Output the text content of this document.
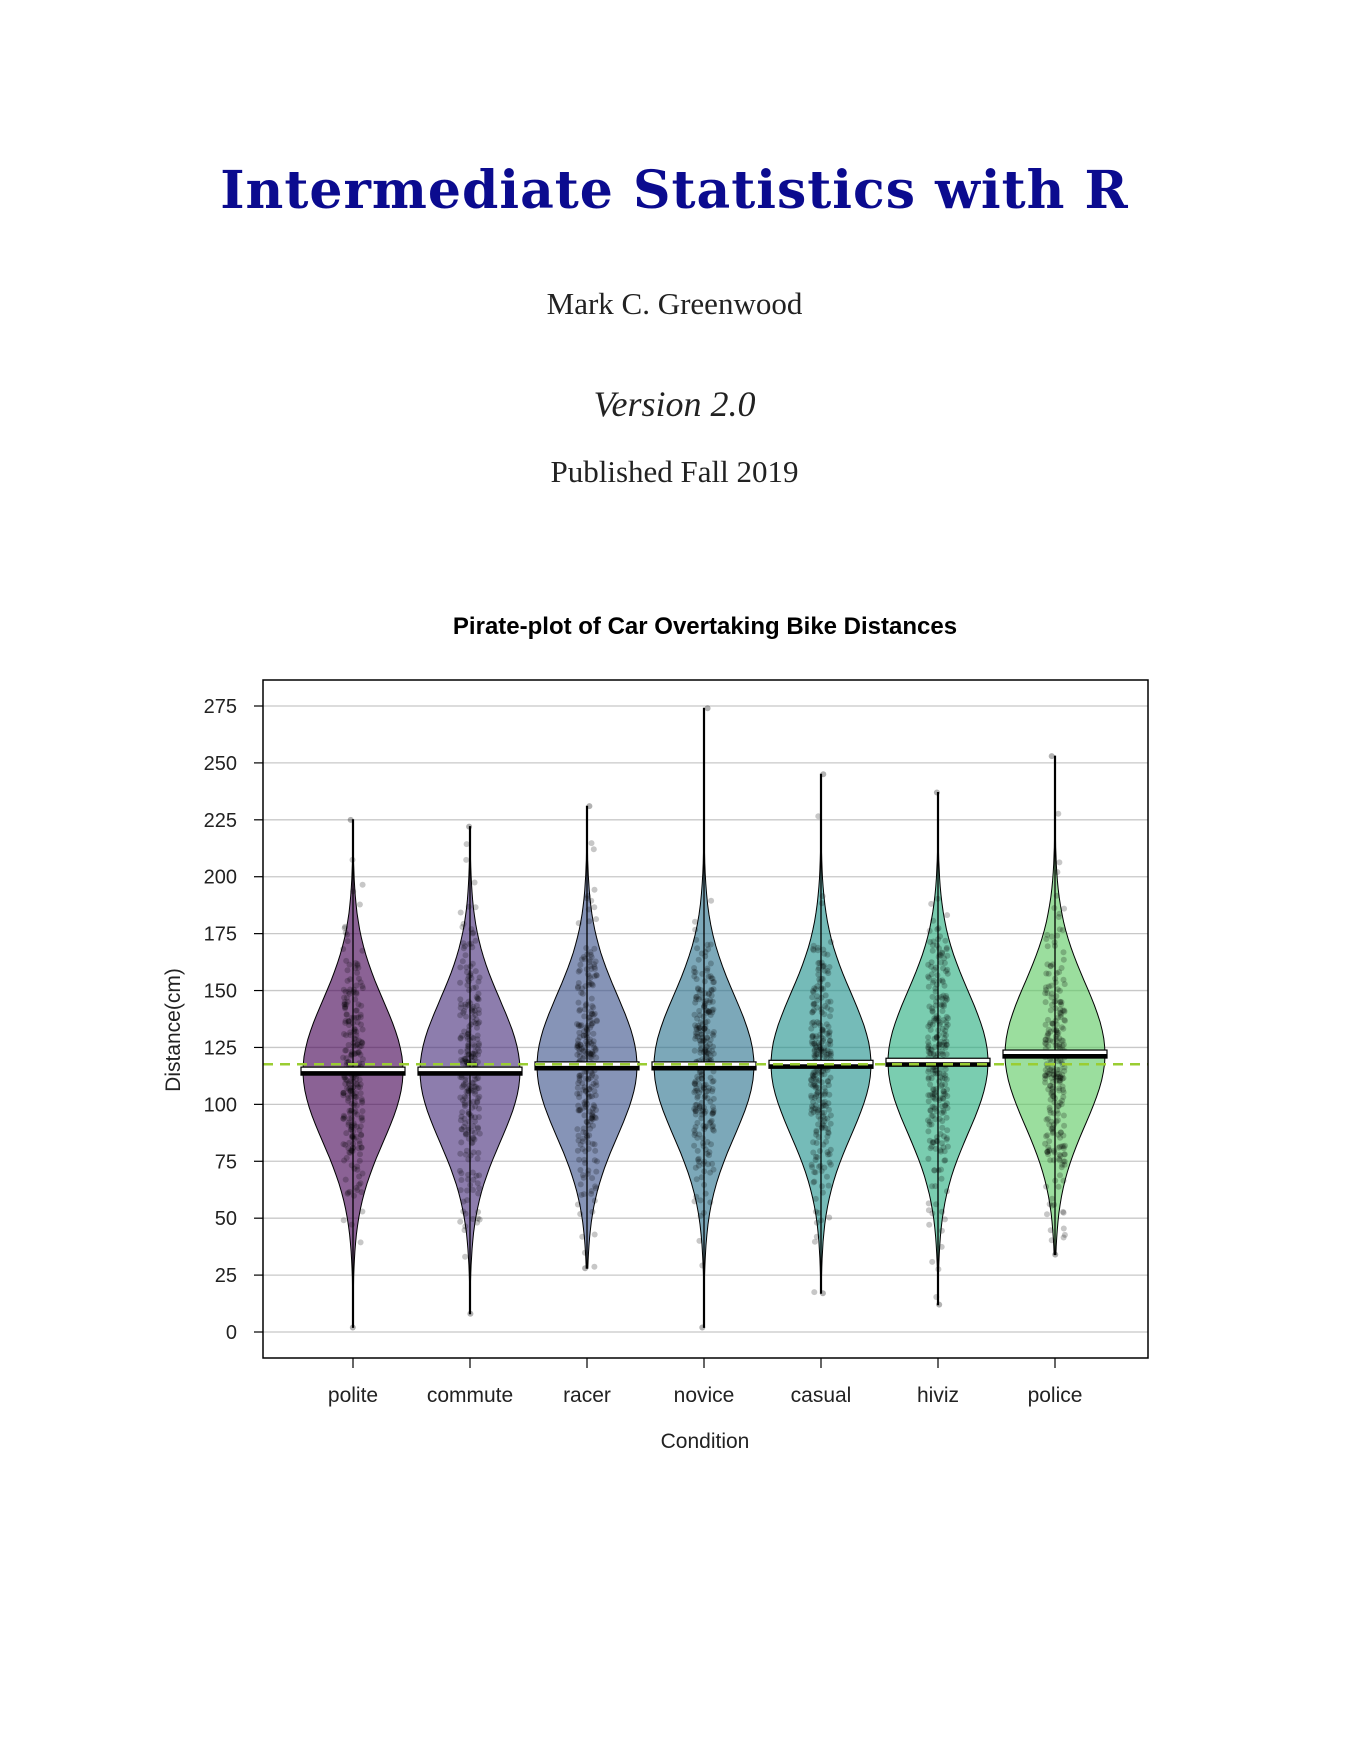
Intermediate Statistics with R
Mark C. Greenwood
Version 2.0
Published Fall 2019
Pirate-plot of Car Overtaking Bike Distances
0
25
50
75
100
125
150
175
200
225
250
275
polite commute racer	novice	casual	hiviz	police
Condition
Distance(cm)
